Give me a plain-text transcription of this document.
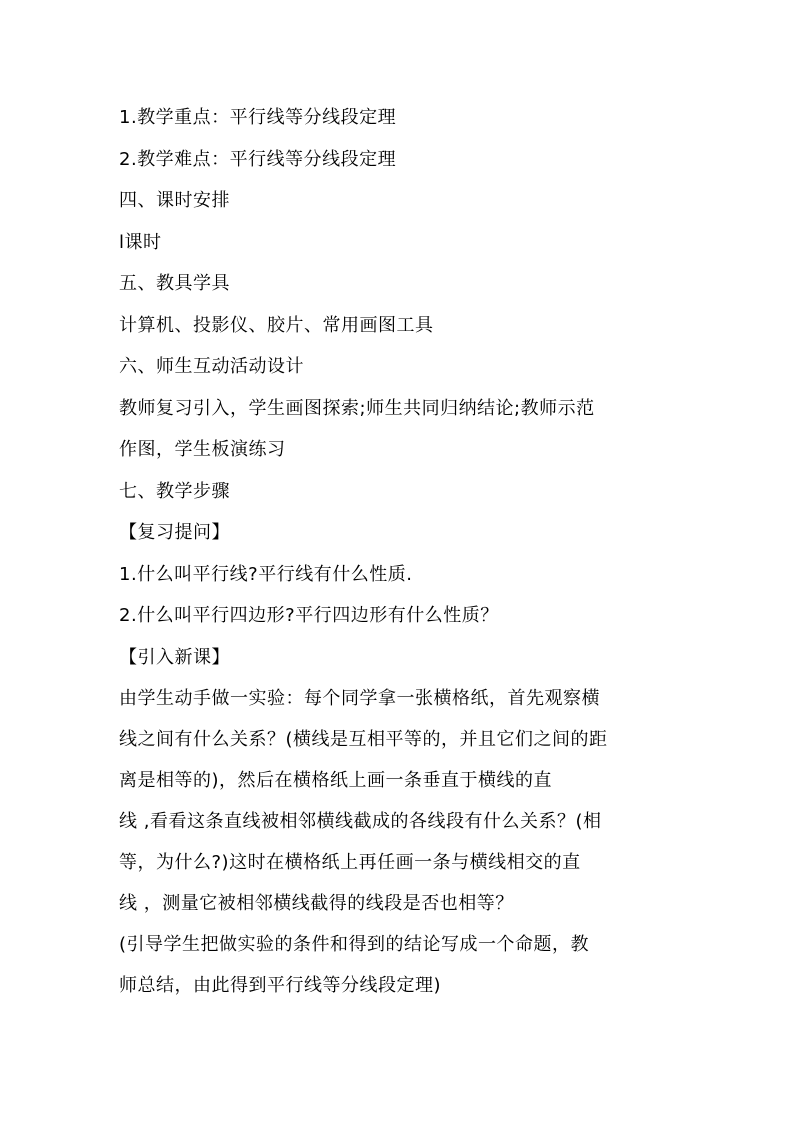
1.教学重点：平行线等分线段定理
2.教学难点：平行线等分线段定理
四、课时安排
l课时
五、教具学具
计算机、投影仪、胶片、常用画图工具
六、师生互动活动设计
教师复习引入，学生画图探索;师生共同归纳结论;教师示范
作图，学生板演练习
七、教学步骤
【复习提问】
1.什么叫平行线?平行线有什么性质.
2.什么叫平行四边形?平行四边形有什么性质？
【引入新课】
由学生动手做一实验：每个同学拿一张横格纸，首先观察横
线之间有什么关系？(横线是互相平等的，并且它们之间的距
离是相等的)，然后在横格纸上画一条垂直于横线的直
线 ,看看这条直线被相邻横线截成的各线段有什么关系？(相
等，为什么?)这时在横格纸上再任画一条与横线相交的直
线 ，测量它被相邻横线截得的线段是否也相等？
(引导学生把做实验的条件和得到的结论写成一个命题，教
师总结，由此得到平行线等分线段定理)
